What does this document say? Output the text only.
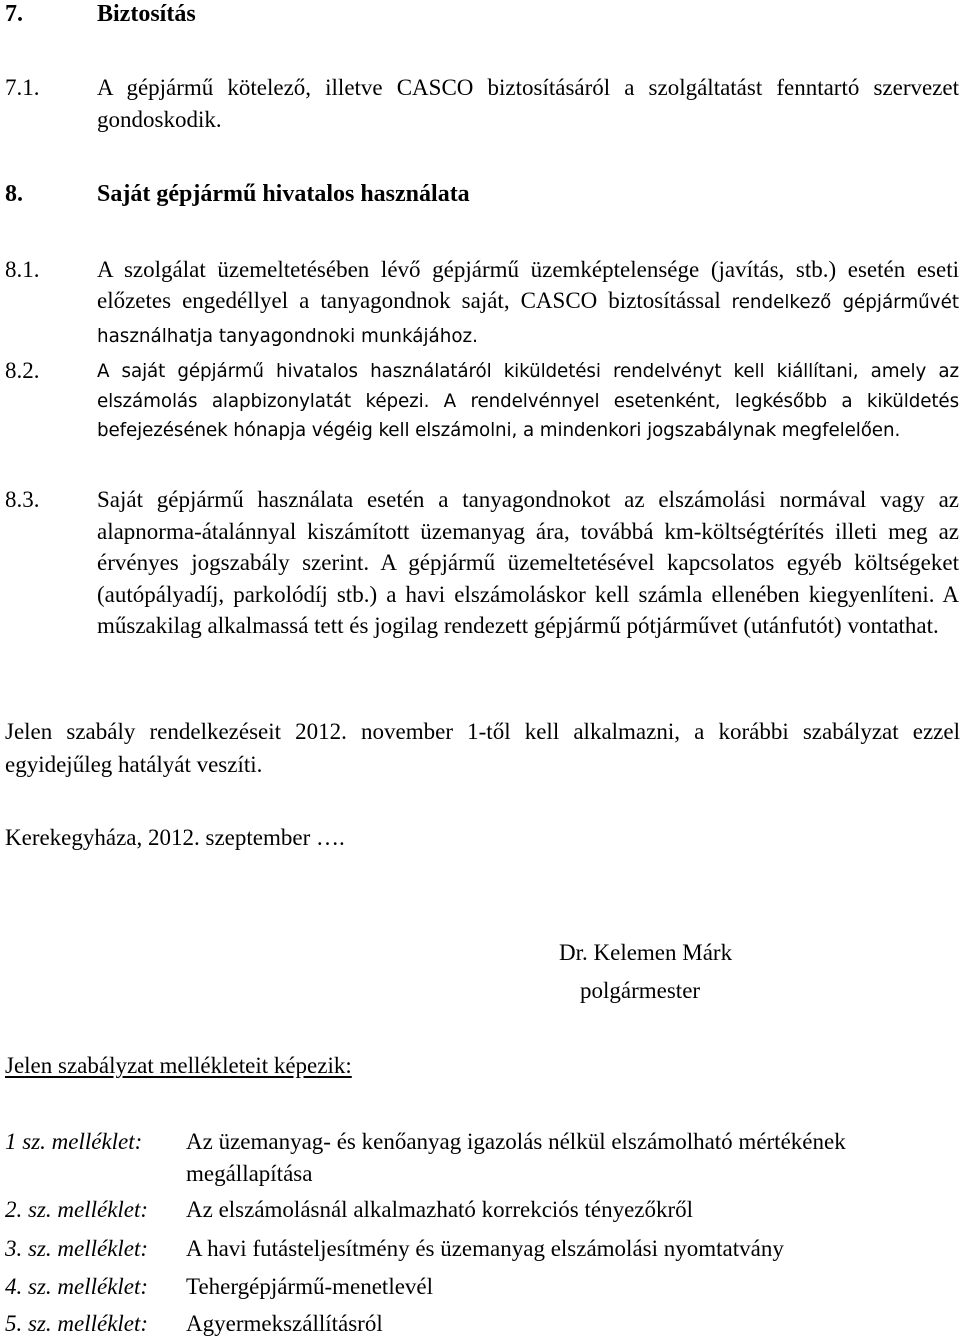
7.	Biztosítás
7.1.	A gépjármű kötelező, illetve CASCO biztosításáról a szolgáltatást fenntartó szervezet gondoskodik.
8.	Saját gépjármű hivatalos használata
8.1.	A szolgálat üzemeltetésében lévő gépjármű üzemképtelensége (javítás, stb.) esetén eseti előzetes engedéllyel a tanyagondnok saját, CASCO biztosítással rendelkező gépjárművét használhatja tanyagondnoki munkájához.
8.2.	A saját gépjármű hivatalos használatáról kiküldetési rendelvényt kell kiállítani, amely az elszámolás alapbizonylatát képezi. A rendelvénnyel esetenként, legkésőbb a kiküldetés befejezésének hónapja végéig kell elszámolni, a mindenkori jogszabálynak megfelelően.
8.3.	Saját gépjármű használata esetén a tanyagondnokot az elszámolási normával vagy az alapnorma-átalánnyal kiszámított üzemanyag ára, továbbá km-költségtérítés illeti meg az érvényes jogszabály szerint. A gépjármű üzemeltetésével kapcsolatos egyéb költségeket (autópályadíj, parkolódíj stb.) a havi elszámoláskor kell számla ellenében kiegyenlíteni. A műszakilag alkalmassá tett és jogilag rendezett gépjármű pótjárművet (utánfutót) vontathat.
Jelen szabály rendelkezéseit 2012. november 1-től kell alkalmazni, a korábbi szabályzat ezzel egyidejűleg hatályát veszíti.
Kerekegyháza, 2012. szeptember ….
Dr. Kelemen Márk
polgármester
Jelen szabályzat mellékleteit képezik:
1 sz. melléklet: Az üzemanyag- és kenőanyag igazolás nélkül elszámolható mértékének megállapítása
2. sz. melléklet: Az elszámolásnál alkalmazható korrekciós tényezőkről
3. sz. melléklet: A havi futásteljesítmény és üzemanyag elszámolási nyomtatvány
4. sz. melléklet: Tehergépjármű-menetlevél
5. sz. melléklet: Agyermekszállításról
